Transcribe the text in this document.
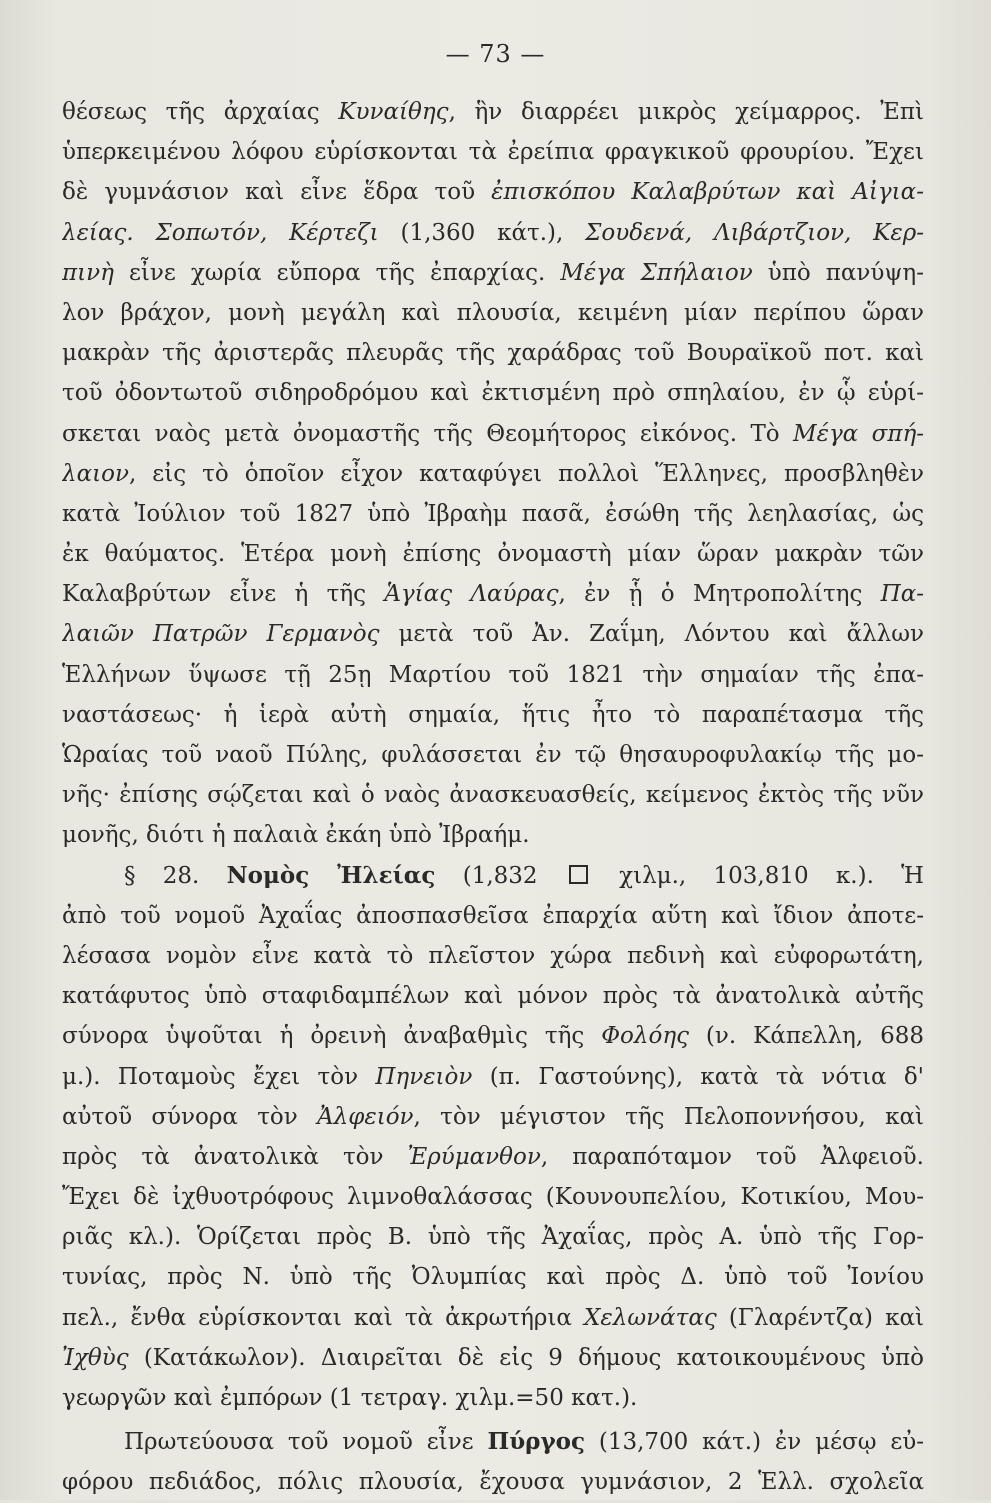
— 73 —
θέσεως τῆς ἀρχαίας Κυναίθης, ἣν διαρρέει μικρὸς χείμαρρος. Ἐπὶ
ὑπερκειμένου λόφου εὑρίσκονται τὰ ἐρείπια φραγκικοῦ φρουρίου. Ἔχει
δὲ γυμνάσιον καὶ εἶνε ἕδρα τοῦ ἐπισκόπου Καλαβρύτων καὶ Αἰγια-
λείας. Σοπωτόν, Κέρτεζι (1,360 κάτ.), Σουδενά, Λιβάρτζιον, Κερ-
πινὴ εἶνε χωρία εὔπορα τῆς ἐπαρχίας. Μέγα Σπήλαιον ὑπὸ πανύψη-
λον βράχον, μονὴ μεγάλη καὶ πλουσία, κειμένη μίαν περίπου ὥραν
μακρὰν τῆς ἀριστερᾶς πλευρᾶς τῆς χαράδρας τοῦ Βουραϊκοῦ ποτ. καὶ
τοῦ ὀδοντωτοῦ σιδηροδρόμου καὶ ἐκτισμένη πρὸ σπηλαίου, ἐν ᾧ εὑρί-
σκεται ναὸς μετὰ ὀνομαστῆς τῆς Θεομήτορος εἰκόνος. Τὸ Μέγα σπή-
λαιον, εἰς τὸ ὁποῖον εἶχον καταφύγει πολλοὶ Ἕλληνες, προσβληθὲν
κατὰ Ἰούλιον τοῦ 1827 ὑπὸ Ἰβραὴμ πασᾶ, ἐσώθη τῆς λεηλασίας, ὡς
ἐκ θαύματος. Ἑτέρα μονὴ ἐπίσης ὀνομαστὴ μίαν ὥραν μακρὰν τῶν
Καλαβρύτων εἶνε ἡ τῆς Ἁγίας Λαύρας, ἐν ᾗ ὁ Μητροπολίτης Πα-
λαιῶν Πατρῶν Γερμανὸς μετὰ τοῦ Ἀν. Ζαΐμη, Λόντου καὶ ἄλλων
Ἑλλήνων ὕψωσε τῇ 25ῃ Μαρτίου τοῦ 1821 τὴν σημαίαν τῆς ἐπα-
ναστάσεως· ἡ ἱερὰ αὐτὴ σημαία, ἥτις ἦτο τὸ παραπέτασμα τῆς
Ὡραίας τοῦ ναοῦ Πύλης, φυλάσσεται ἐν τῷ θησαυροφυλακίῳ τῆς μο-
νῆς· ἐπίσης σῴζεται καὶ ὁ ναὸς ἀνασκευασθείς, κείμενος ἐκτὸς τῆς νῦν
μονῆς, διότι ἡ παλαιὰ ἐκάη ὑπὸ Ἰβραήμ.
§ 28. Νομὸς Ἠλείας (1,832  χιλμ., 103,810 κ.). Ἡ
ἀπὸ τοῦ νομοῦ Ἀχαΐας ἀποσπασθεῖσα ἐπαρχία αὕτη καὶ ἴδιον ἀποτε-
λέσασα νομὸν εἶνε κατὰ τὸ πλεῖστον χώρα πεδινὴ καὶ εὐφορωτάτη,
κατάφυτος ὑπὸ σταφιδαμπέλων καὶ μόνον πρὸς τὰ ἀνατολικὰ αὐτῆς
σύνορα ὑψοῦται ἡ ὀρεινὴ ἀναβαθμὶς τῆς Φολόης (ν. Κάπελλη, 688
μ.). Ποταμοὺς ἔχει τὸν Πηνειὸν (π. Γαστούνης), κατὰ τὰ νότια δ'
αὐτοῦ σύνορα τὸν Ἀλφειόν, τὸν μέγιστον τῆς Πελοποννήσου, καὶ
πρὸς τὰ ἀνατολικὰ τὸν Ἐρύμανθον, παραπόταμον τοῦ Ἀλφειοῦ.
Ἔχει δὲ ἰχθυοτρόφους λιμνοθαλάσσας (Κουνουπελίου, Κοτικίου, Μου-
ριᾶς κλ.). Ὁρίζεται πρὸς Β. ὑπὸ τῆς Ἀχαΐας, πρὸς Α. ὑπὸ τῆς Γορ-
τυνίας, πρὸς Ν. ὑπὸ τῆς Ὀλυμπίας καὶ πρὸς Δ. ὑπὸ τοῦ Ἰονίου
πελ., ἔνθα εὑρίσκονται καὶ τὰ ἀκρωτήρια Χελωνάτας (Γλαρέντζα) καὶ
Ἰχθὺς (Κατάκωλον). Διαιρεῖται δὲ εἰς 9 δήμους κατοικουμένους ὑπὸ
γεωργῶν καὶ ἐμπόρων (1 τετραγ. χιλμ.=50 κατ.).
Πρωτεύουσα τοῦ νομοῦ εἶνε Πύργος (13,700 κάτ.) ἐν μέσῳ εὐ-
φόρου πεδιάδος, πόλις πλουσία, ἔχουσα γυμνάσιον, 2 Ἑλλ. σχολεῖα
